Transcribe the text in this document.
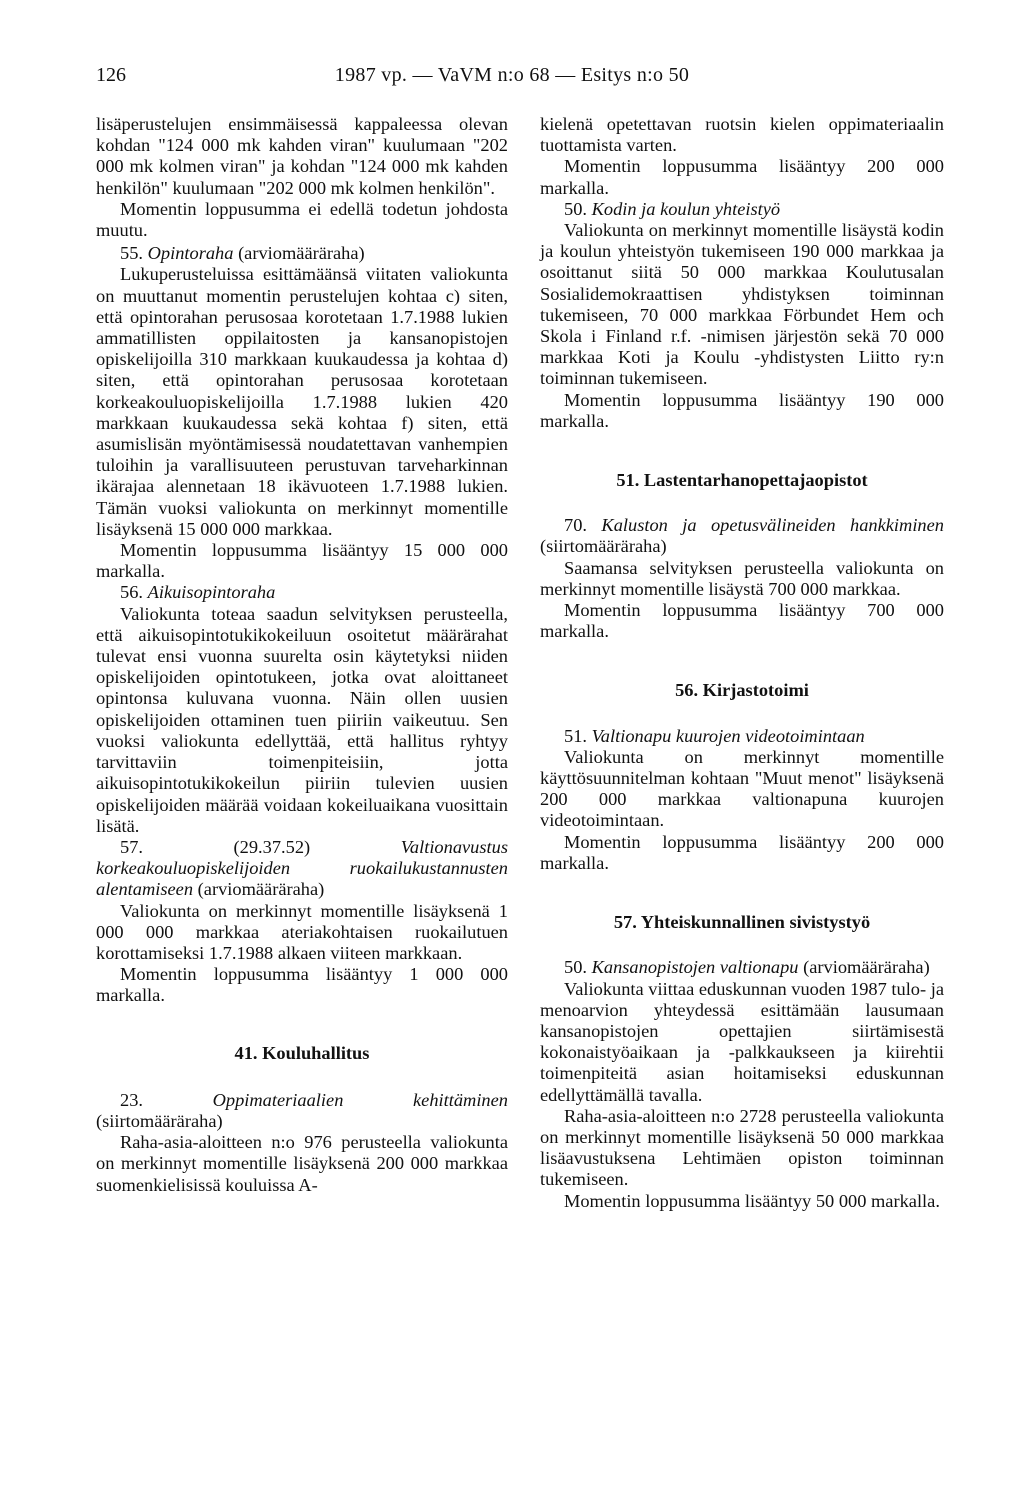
126	1987 vp. — VaVM n:o 68 — Esitys n:o 50

lisäperustelujen ensimmäisessä kappaleessa olevan kohdan "124 000 mk kahden viran" kuulumaan "202 000 mk kolmen viran" ja kohdan "124 000 mk kahden henkilön" kuulumaan "202 000 mk kolmen henkilön".

Momentin loppusumma ei edellä todetun johdosta muutu.

55. Opintoraha (arviomääräraha)

Lukuperusteluissa esittämäänsä viitaten valiokunta on muuttanut momentin perustelujen kohtaa c) siten, että opintorahan perusosaa korotetaan 1.7.1988 lukien ammatillisten oppilaitosten ja kansanopistojen opiskelijoilla 310 markkaan kuukaudessa ja kohtaa d) siten, että opintorahan perusosaa korotetaan korkeakouluopiskelijoilla 1.7.1988 lukien 420 markkaan kuukaudessa sekä kohtaa f) siten, että asumislisän myöntämisessä noudatettavan vanhempien tuloihin ja varallisuuteen perustuvan tarveharkinnan ikärajaa alennetaan 18 ikävuoteen 1.7.1988 lukien. Tämän vuoksi valiokunta on merkinnyt momentille lisäyksenä 15 000 000 markkaa.

Momentin loppusumma lisääntyy 15 000 000 markalla.

56. Aikuisopintoraha

Valiokunta toteaa saadun selvityksen perusteella, että aikuisopintotukikokeiluun osoitetut määrärahat tulevat ensi vuonna suurelta osin käytetyksi niiden opiskelijoiden opintotukeen, jotka ovat aloittaneet opintonsa kuluvana vuonna. Näin ollen uusien opiskelijoiden ottaminen tuen piiriin vaikeutuu. Sen vuoksi valiokunta edellyttää, että hallitus ryhtyy tarvittaviin toimenpiteisiin, jotta aikuisopintotukikokeilun piiriin tulevien uusien opiskelijoiden määrää voidaan kokeiluaikana vuosittain lisätä.

57. (29.37.52)	Valtionavustus korkeakouluopiskelijoiden ruokailukustannusten alentamiseen (arviomääräraha)

Valiokunta on merkinnyt momentille lisäyksenä 1 000 000 markkaa ateriakohtaisen ruokailutuen korottamiseksi 1.7.1988 alkaen viiteen markkaan.

Momentin loppusumma lisääntyy 1 000 000 markalla.

41. Kouluhallitus

23.	Oppimateriaalien kehittäminen (siirtomääräraha)

Raha-asia-aloitteen n:o 976 perusteella valiokunta on merkinnyt momentille lisäyksenä 200 000 markkaa suomenkielisissä kouluissa A-

kielenä opetettavan ruotsin kielen oppimateriaalin tuottamista varten.

Momentin loppusumma lisääntyy 200 000 markalla.

50. Kodin ja koulun yhteistyö

Valiokunta on merkinnyt momentille lisäystä kodin ja koulun yhteistyön tukemiseen 190 000 markkaa ja osoittanut siitä 50 000 markkaa Koulutusalan Sosialidemokraattisen yhdistyksen toiminnan tukemiseen, 70 000 markkaa Förbundet Hem och Skola i Finland r.f. -nimisen järjestön sekä 70 000 markkaa Koti ja Koulu -yhdistysten Liitto ry:n toiminnan tukemiseen.

Momentin loppusumma lisääntyy 190 000 markalla.

51. Lastentarhanopettajaopistot

70. Kaluston ja opetusvälineiden hankkiminen (siirtomääräraha)

Saamansa selvityksen perusteella valiokunta on merkinnyt momentille lisäystä 700 000 markkaa.

Momentin loppusumma lisääntyy 700 000 markalla.

56. Kirjastotoimi

51. Valtionapu kuurojen videotoimintaan

Valiokunta on merkinnyt momentille käyttösuunnitelman kohtaan "Muut menot" lisäyksenä 200 000 markkaa valtionapuna kuurojen videotoimintaan.

Momentin loppusumma lisääntyy 200 000 markalla.

57. Yhteiskunnallinen sivistystyö

50. Kansanopistojen valtionapu (arviomääräraha)

Valiokunta viittaa eduskunnan vuoden 1987 tulo- ja menoarvion yhteydessä esittämään lausumaan kansanopistojen opettajien siirtämisestä kokonaistyöaikaan ja -palkkaukseen ja kiirehtii toimenpiteitä asian hoitamiseksi eduskunnan edellyttämällä tavalla.

Raha-asia-aloitteen n:o 2728 perusteella valiokunta on merkinnyt momentille lisäyksenä 50 000 markkaa lisäavustuksena Lehtimäen opiston toiminnan tukemiseen.

Momentin loppusumma lisääntyy 50 000 markalla.
